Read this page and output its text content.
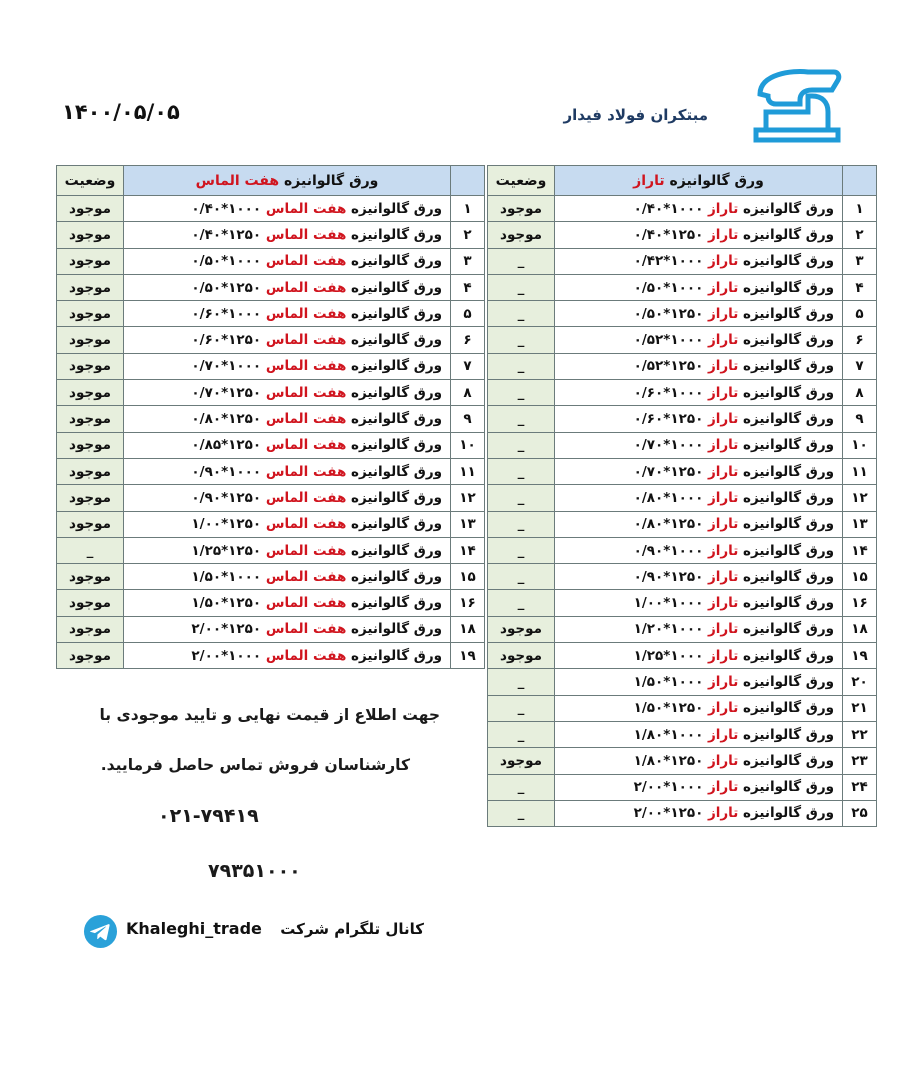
مبتکران فولاد فیدار
۱۴۰۰/۰۵/۰۵
	ورق گالوانیزه تاراز	وضعیت
۱	ورق گالوانیزه تاراز ۱۰۰۰*۰/۴۰	موجود
۲	ورق گالوانیزه تاراز ۱۲۵۰*۰/۴۰	موجود
۳	ورق گالوانیزه تاراز ۱۰۰۰*۰/۴۲	_
۴	ورق گالوانیزه تاراز ۱۰۰۰*۰/۵۰	_
۵	ورق گالوانیزه تاراز ۱۲۵۰*۰/۵۰	_
۶	ورق گالوانیزه تاراز ۱۰۰۰*۰/۵۲	_
۷	ورق گالوانیزه تاراز ۱۲۵۰*۰/۵۲	_
۸	ورق گالوانیزه تاراز ۱۰۰۰*۰/۶۰	_
۹	ورق گالوانیزه تاراز ۱۲۵۰*۰/۶۰	_
۱۰	ورق گالوانیزه تاراز ۱۰۰۰*۰/۷۰	_
۱۱	ورق گالوانیزه تاراز ۱۲۵۰*۰/۷۰	_
۱۲	ورق گالوانیزه تاراز ۱۰۰۰*۰/۸۰	_
۱۳	ورق گالوانیزه تاراز ۱۲۵۰*۰/۸۰	_
۱۴	ورق گالوانیزه تاراز ۱۰۰۰*۰/۹۰	_
۱۵	ورق گالوانیزه تاراز ۱۲۵۰*۰/۹۰	_
۱۶	ورق گالوانیزه تاراز ۱۰۰۰*۱/۰۰	_
۱۸	ورق گالوانیزه تاراز ۱۰۰۰*۱/۲۰	موجود
۱۹	ورق گالوانیزه تاراز ۱۰۰۰*۱/۲۵	موجود
۲۰	ورق گالوانیزه تاراز ۱۰۰۰*۱/۵۰	_
۲۱	ورق گالوانیزه تاراز ۱۲۵۰*۱/۵۰	_
۲۲	ورق گالوانیزه تاراز ۱۰۰۰*۱/۸۰	_
۲۳	ورق گالوانیزه تاراز ۱۲۵۰*۱/۸۰	موجود
۲۴	ورق گالوانیزه تاراز ۱۰۰۰*۲/۰۰	_
۲۵	ورق گالوانیزه تاراز ۱۲۵۰*۲/۰۰	_
	ورق گالوانیزه هفت الماس	وضعیت
۱	ورق گالوانیزه هفت الماس ۱۰۰۰*۰/۴۰	موجود
۲	ورق گالوانیزه هفت الماس ۱۲۵۰*۰/۴۰	موجود
۳	ورق گالوانیزه هفت الماس ۱۰۰۰*۰/۵۰	موجود
۴	ورق گالوانیزه هفت الماس ۱۲۵۰*۰/۵۰	موجود
۵	ورق گالوانیزه هفت الماس ۱۰۰۰*۰/۶۰	موجود
۶	ورق گالوانیزه هفت الماس ۱۲۵۰*۰/۶۰	موجود
۷	ورق گالوانیزه هفت الماس ۱۰۰۰*۰/۷۰	موجود
۸	ورق گالوانیزه هفت الماس ۱۲۵۰*۰/۷۰	موجود
۹	ورق گالوانیزه هفت الماس ۱۲۵۰*۰/۸۰	موجود
۱۰	ورق گالوانیزه هفت الماس ۱۲۵۰*۰/۸۵	موجود
۱۱	ورق گالوانیزه هفت الماس ۱۰۰۰*۰/۹۰	موجود
۱۲	ورق گالوانیزه هفت الماس ۱۲۵۰*۰/۹۰	موجود
۱۳	ورق گالوانیزه هفت الماس ۱۲۵۰*۱/۰۰	موجود
۱۴	ورق گالوانیزه هفت الماس ۱۲۵۰*۱/۲۵	_
۱۵	ورق گالوانیزه هفت الماس ۱۰۰۰*۱/۵۰	موجود
۱۶	ورق گالوانیزه هفت الماس ۱۲۵۰*۱/۵۰	موجود
۱۸	ورق گالوانیزه هفت الماس ۱۲۵۰*۲/۰۰	موجود
۱۹	ورق گالوانیزه هفت الماس ۱۰۰۰*۲/۰۰	موجود
جهت اطلاع از قیمت نهایی و تایید موجودی با
کارشناسان فروش تماس حاصل فرمایید.
۰۲۱-۷۹۴۱۹
۷۹۳۵۱۰۰۰
Khaleghi_trade	کانال تلگرام شرکت
